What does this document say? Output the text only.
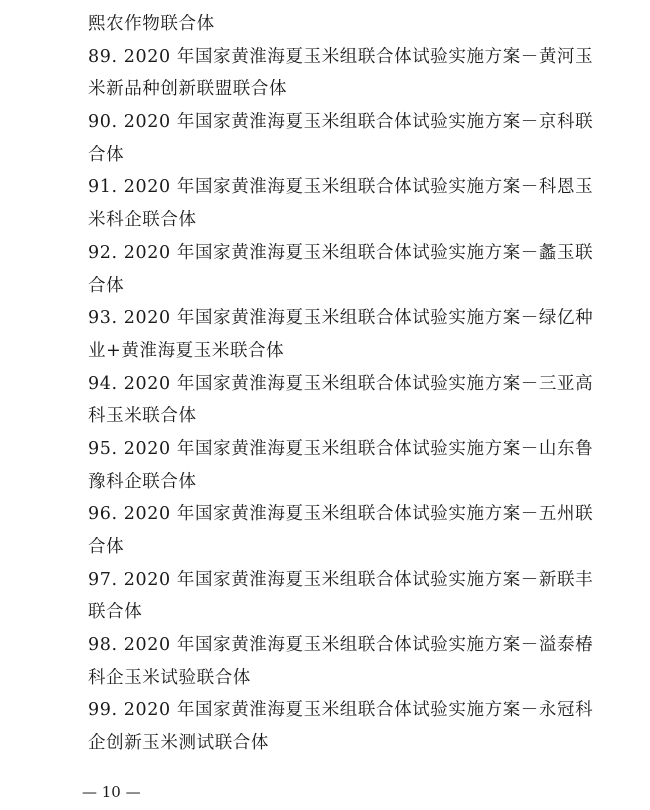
熙农作物联合体
89. 2020 年国家黄淮海夏玉米组联合体试验实施方案－黄河玉
米新品种创新联盟联合体
90. 2020 年国家黄淮海夏玉米组联合体试验实施方案－京科联
合体
91. 2020 年国家黄淮海夏玉米组联合体试验实施方案－科恩玉
米科企联合体
92. 2020 年国家黄淮海夏玉米组联合体试验实施方案－蠡玉联
合体
93. 2020 年国家黄淮海夏玉米组联合体试验实施方案－绿亿种
业+黄淮海夏玉米联合体
94. 2020 年国家黄淮海夏玉米组联合体试验实施方案－三亚高
科玉米联合体
95. 2020 年国家黄淮海夏玉米组联合体试验实施方案－山东鲁
豫科企联合体
96. 2020 年国家黄淮海夏玉米组联合体试验实施方案－五州联
合体
97. 2020 年国家黄淮海夏玉米组联合体试验实施方案－新联丰
联合体
98. 2020 年国家黄淮海夏玉米组联合体试验实施方案－溢泰椿
科企玉米试验联合体
99. 2020 年国家黄淮海夏玉米组联合体试验实施方案－永冠科
企创新玉米测试联合体
— 10 —
